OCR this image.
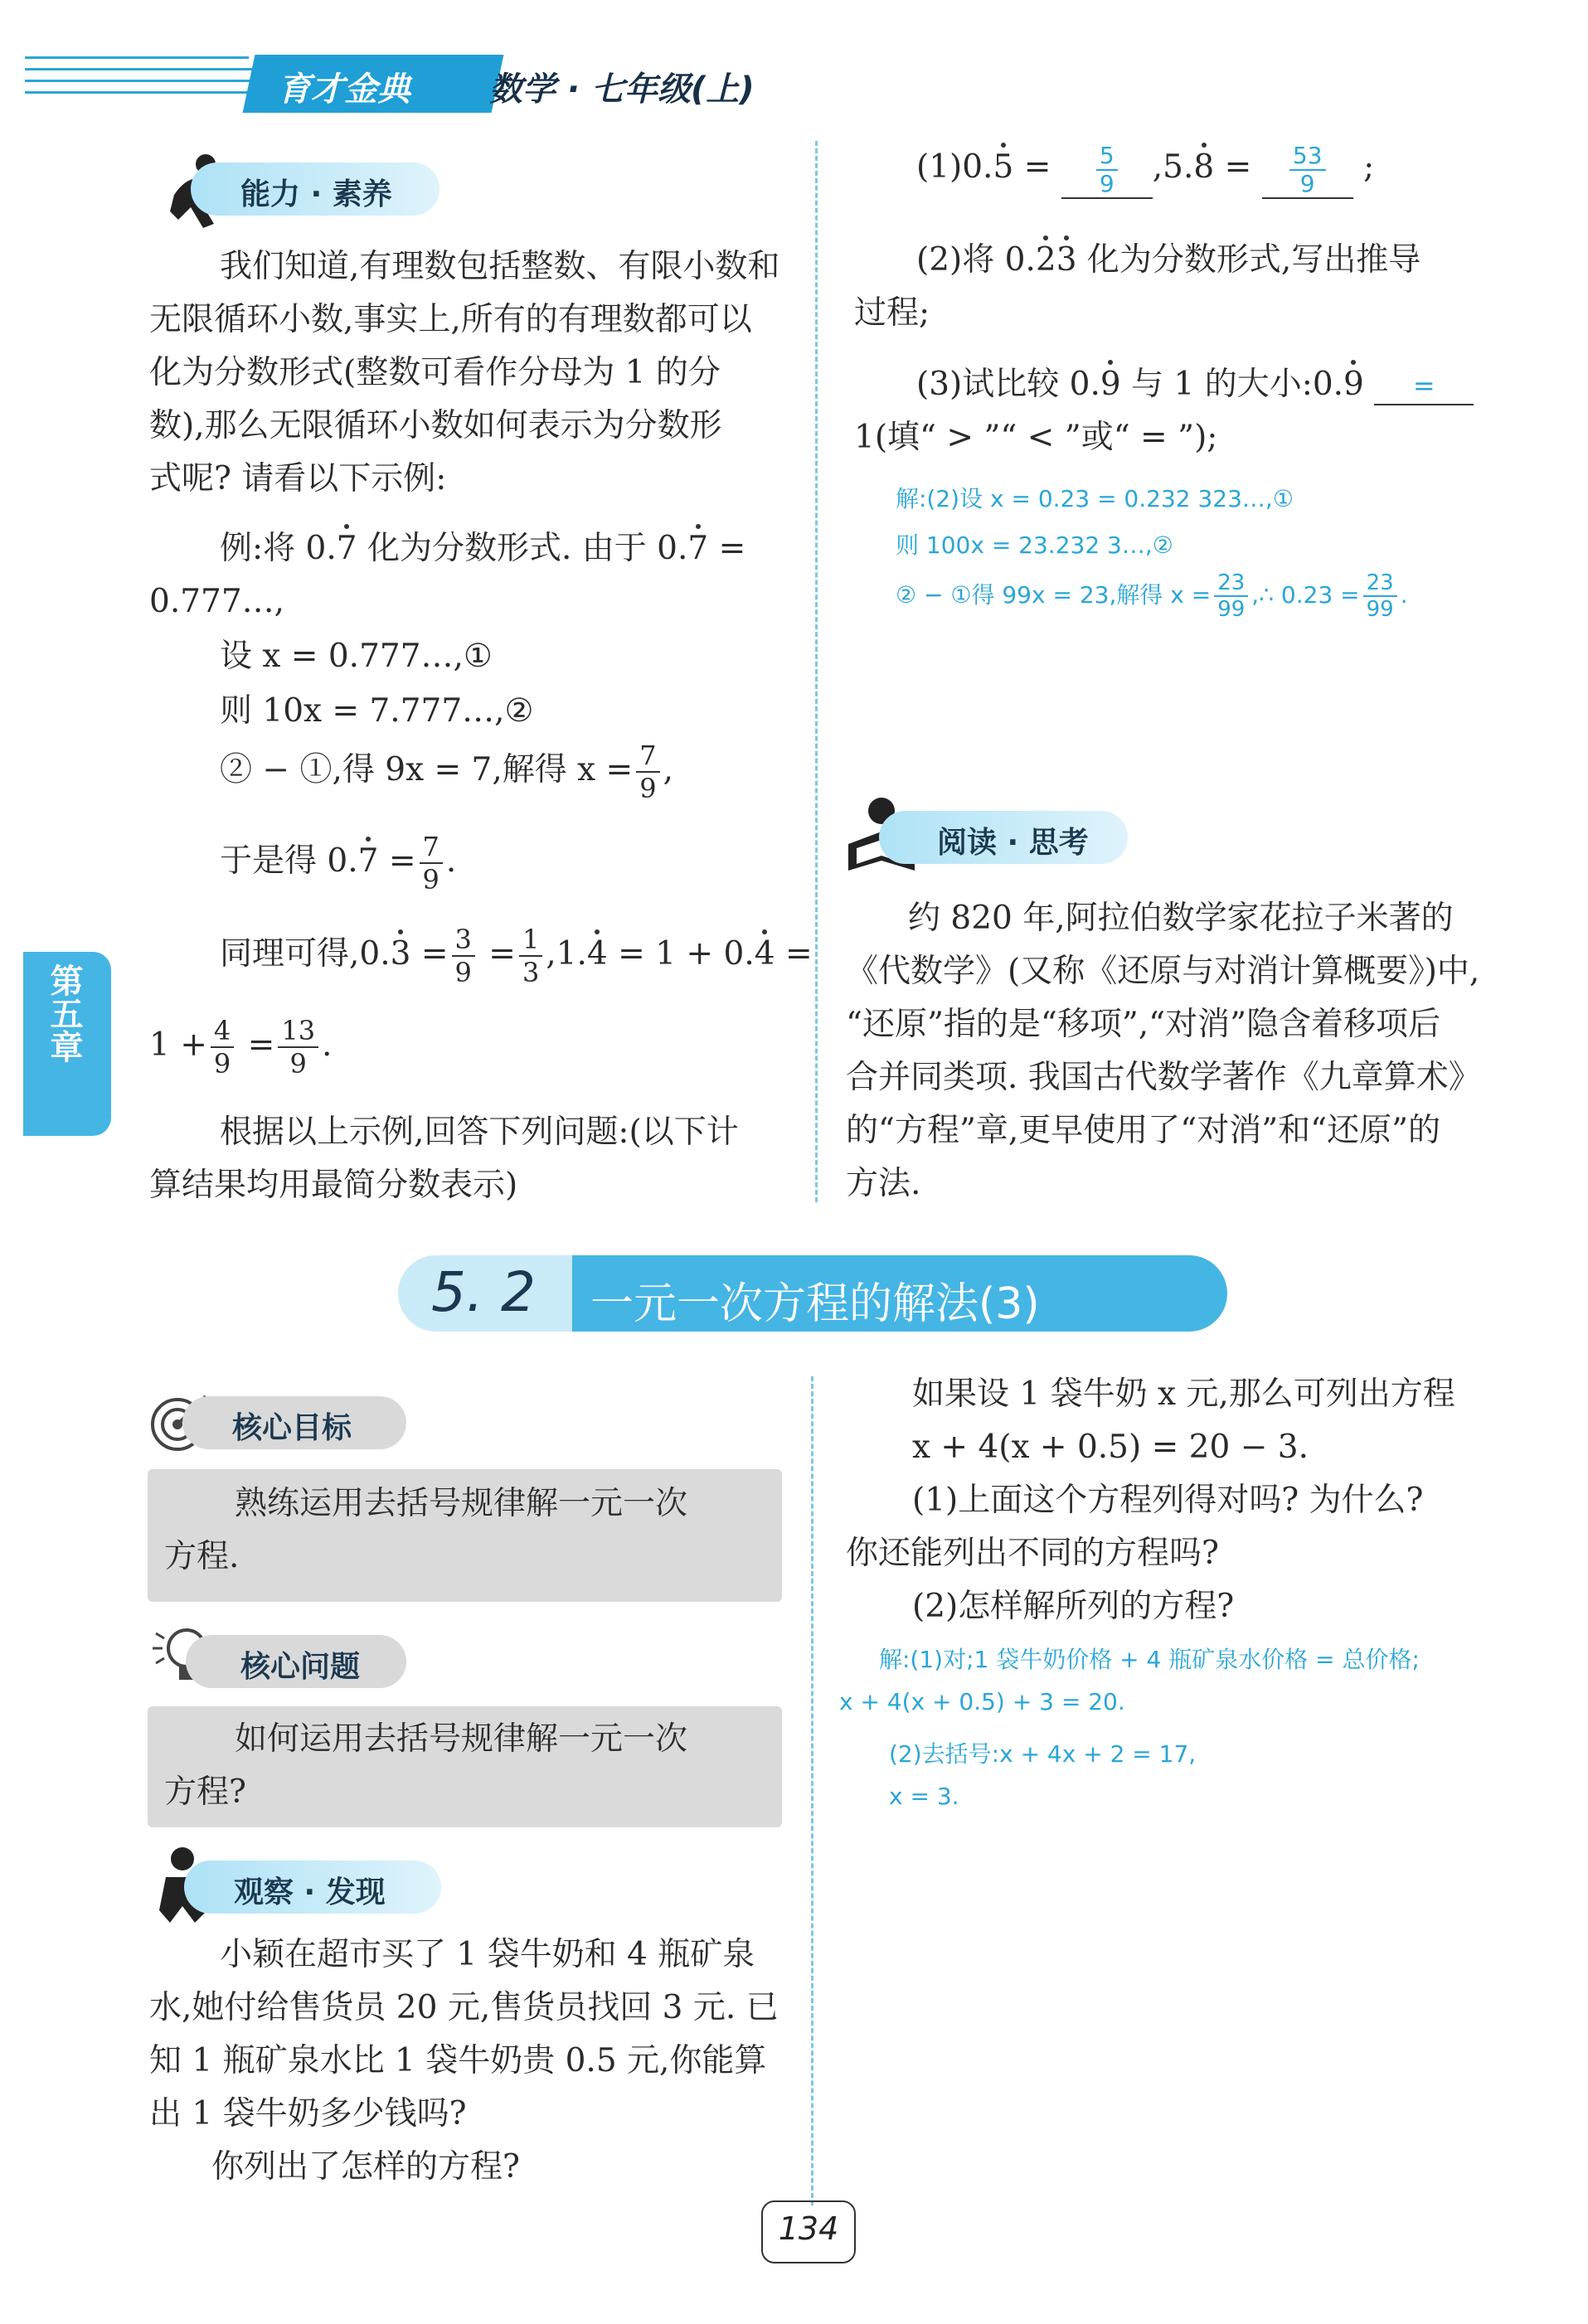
育才金典 数学 · 七年级(上)
第五章
能力 · 素养
我们知道,有理数包括整数、有限小数和
无限循环小数,事实上,所有的有理数都可以
化为分数形式(整数可看作分母为 1 的分
数),那么无限循环小数如何表示为分数形
式呢? 请看以下示例:
例:将 0.7 化为分数形式. 由于 0.7 =
0.777…,
设 x = 0.777…,①
则 10x = 7.777…,②
② − ①,得 9x = 7,解得 $x = \frac{7}{9}$ ,
于是得 $0.7 = \frac{7}{9}$ .
同理可得$,0.3 = \frac{3}{9} = \frac{1}{3} ,1.4 = 1 + 0.4$ =
$1 + \frac{4}{9} = \frac{13}{9}$ .
根据以上示例,回答下列问题:(以下计
算结果均用最简分数表示)
$(1)0.5 = \frac{5}{9} ,5.8 = \frac{53}{9}$ ;
(2)将 0.23 化为分数形式,写出推导
过程;
(3)试比较 0.9 与 1 的大小:0.9 =
1(填“ > ”“ < ”或“ = ”);
解:(2)设 x = 0.23 = 0.232 323…,①
则 100x = 23.232 3…,②
② − ①得 99x = 23,解得 $x = \frac{23}{99}$ ,∴ $0.23 = \frac{23}{99}$ .
阅读 · 思考
约 820 年,阿拉伯数学家花拉子米著的
《代数学》(又称《还原与对消计算概要》)中,
“还原”指的是“移项”,“对消”隐含着移项后
合并同类项. 我国古代数学著作《九章算术》
的“方程”章,更早使用了“对消”和“还原”的
方法.
5. 2 一元一次方程的解法(3)
核心目标
熟练运用去括号规律解一元一次
方程.
核心问题
如何运用去括号规律解一元一次
方程?
观察 · 发现
小颖在超市买了 1 袋牛奶和 4 瓶矿泉
水,她付给售货员 20 元,售货员找回 3 元. 已
知 1 瓶矿泉水比 1 袋牛奶贵 0.5 元,你能算
出 1 袋牛奶多少钱吗?
你列出了怎样的方程?
如果设 1 袋牛奶 x 元,那么可列出方程
x + 4(x + 0.5) = 20 − 3.
(1)上面这个方程列得对吗? 为什么?
你还能列出不同的方程吗?
(2)怎样解所列的方程?
解:(1)对;1 袋牛奶价格 + 4 瓶矿泉水价格 = 总价格;
x + 4(x + 0.5) + 3 = 20.
(2)去括号:x + 4x + 2 = 17,
x = 3.
134
